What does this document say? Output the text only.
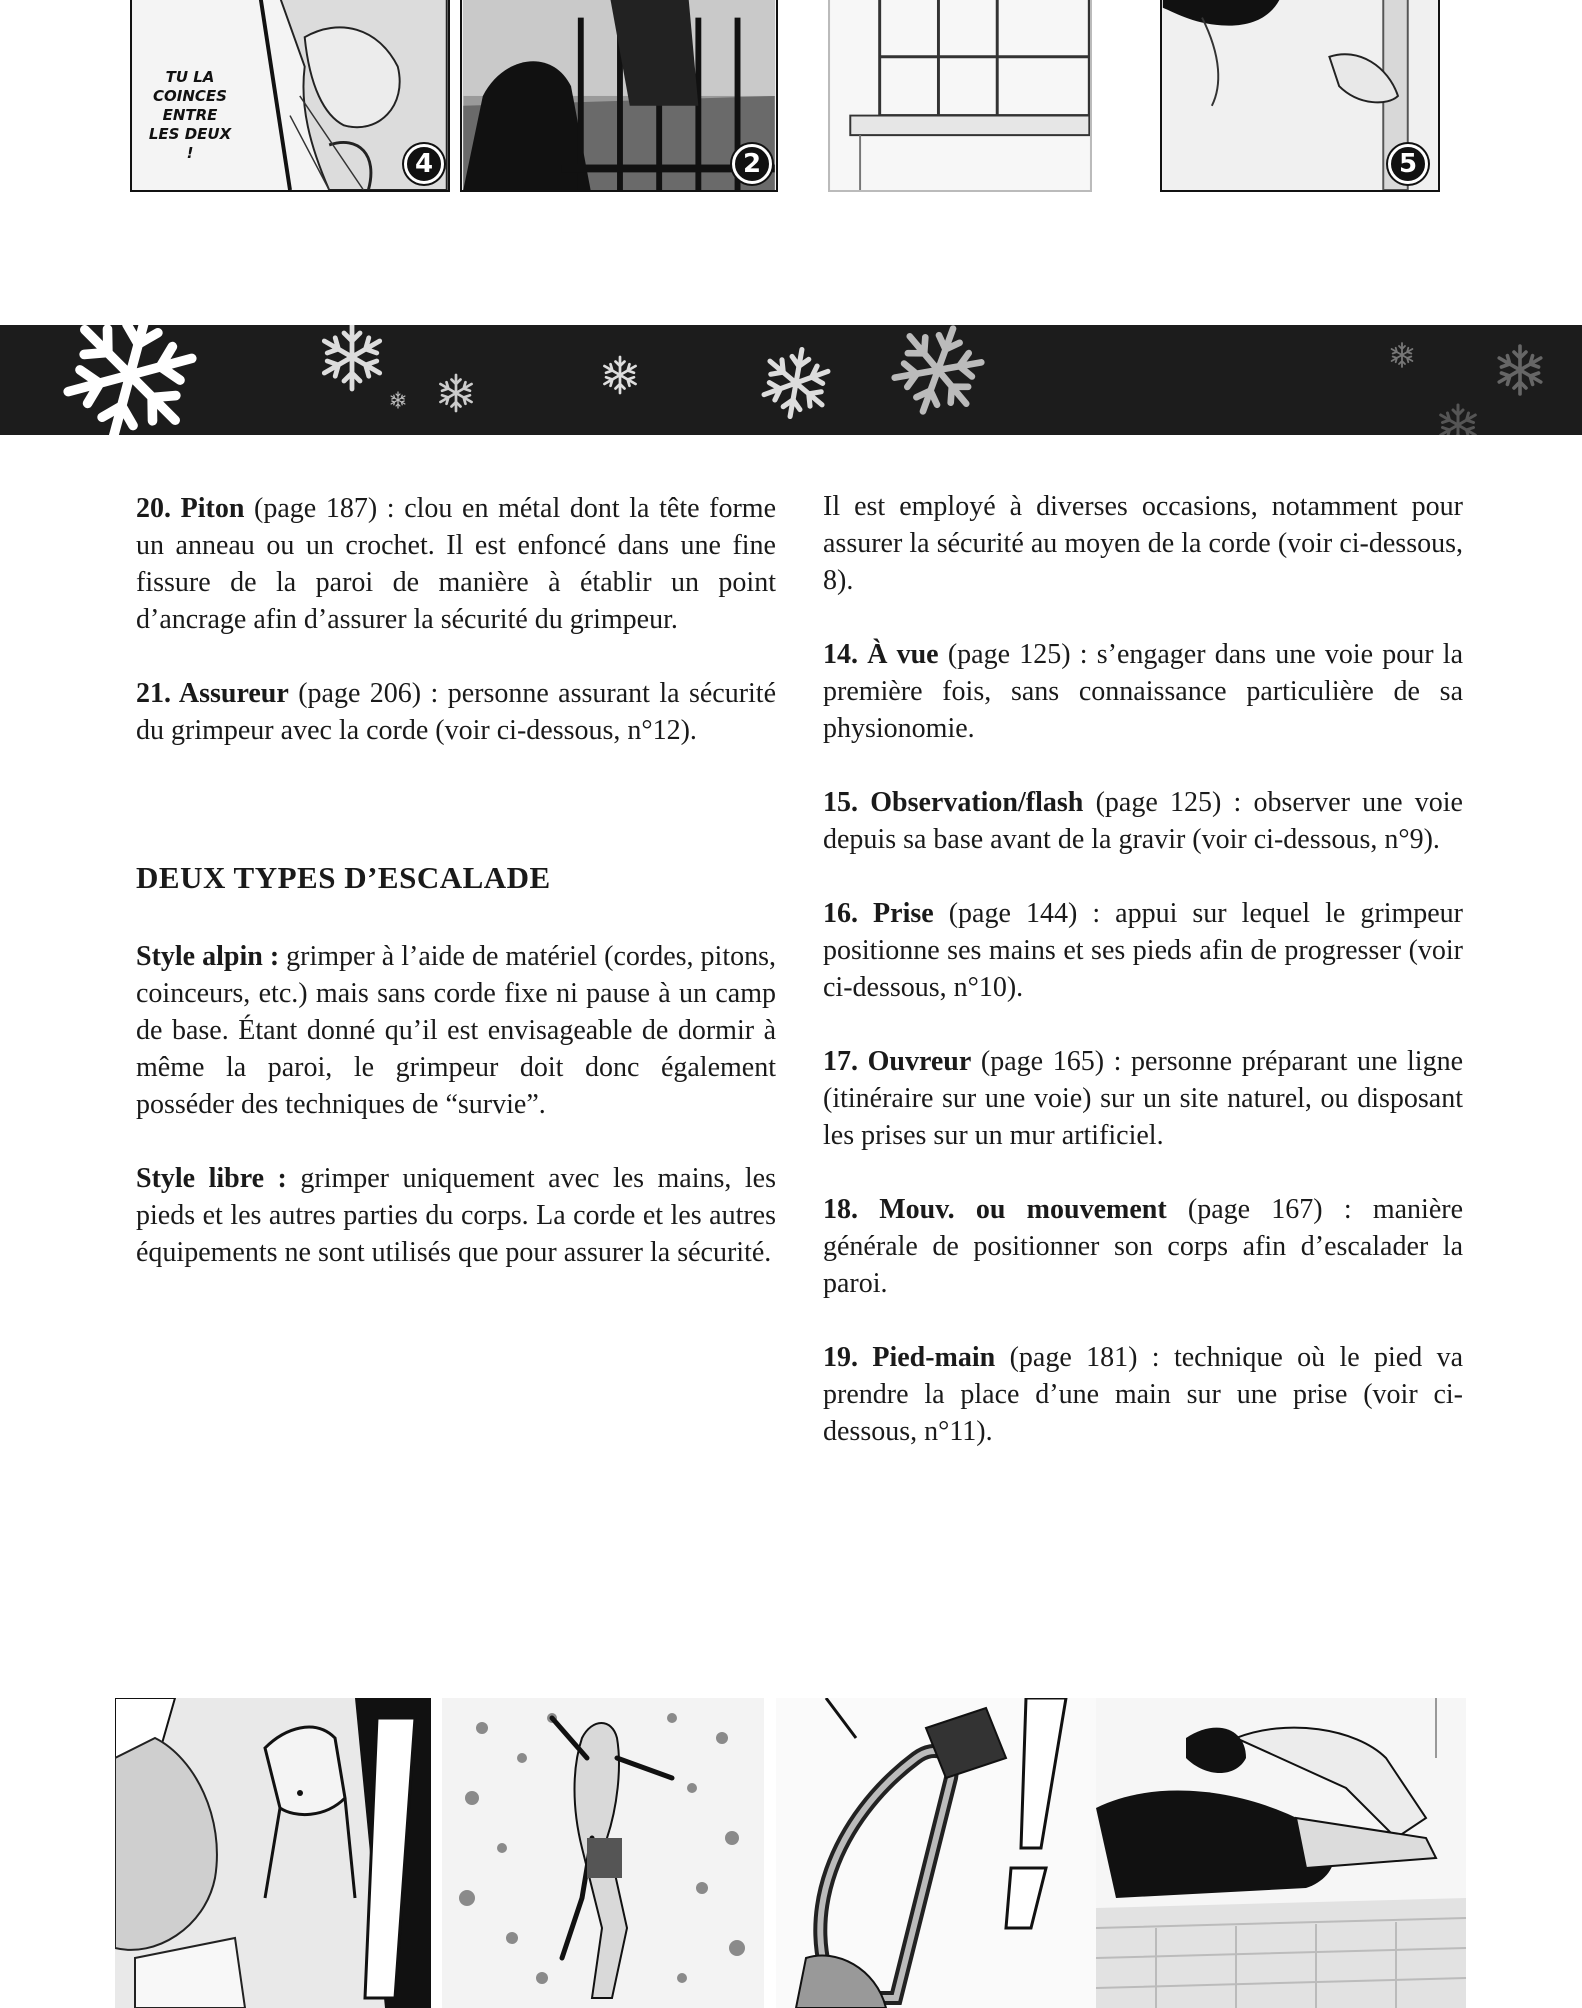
TU LA
COINCES
ENTRE
LES DEUX
!	4	2	5

20. Piton (page 187) : clou en métal dont la tête forme un anneau ou un crochet. Il est enfoncé dans une fine fissure de la paroi de manière à établir un point d’ancrage afin d’assurer la sécurité du grimpeur.

21. Assureur (page 206) : personne assurant la sécurité du grimpeur avec la corde (voir ci-dessous, n°12).

DEUX TYPES D’ESCALADE

Style alpin : grimper à l’aide de matériel (cordes, pitons, coinceurs, etc.) mais sans corde fixe ni pause à un camp de base. Étant donné qu’il est envisageable de dormir à même la paroi, le grimpeur doit donc également posséder des techniques de “survie”.

Style libre : grimper uniquement avec les mains, les pieds et les autres parties du corps. La corde et les autres équipements ne sont utilisés que pour assurer la sécurité.

Il est employé à diverses occasions, notamment pour assurer la sécurité au moyen de la corde (voir ci-dessous, 8).

14. À vue (page 125) : s’engager dans une voie pour la première fois, sans connaissance particulière de sa physionomie.

15. Observation/flash (page 125) : observer une voie depuis sa base avant de la gravir (voir ci-dessous, n°9).

16. Prise (page 144) : appui sur lequel le grimpeur positionne ses mains et ses pieds afin de progresser (voir ci-dessous, n°10).

17. Ouvreur (page 165) : personne préparant une ligne (itinéraire sur une voie) sur un site naturel, ou disposant les prises sur un mur artificiel.

18. Mouv. ou mouvement (page 167) : manière générale de positionner son corps afin d’escalader la paroi.

19. Pied-main (page 181) : technique où le pied va prendre la place d’une main sur une prise (voir ci-dessous, n°11).
